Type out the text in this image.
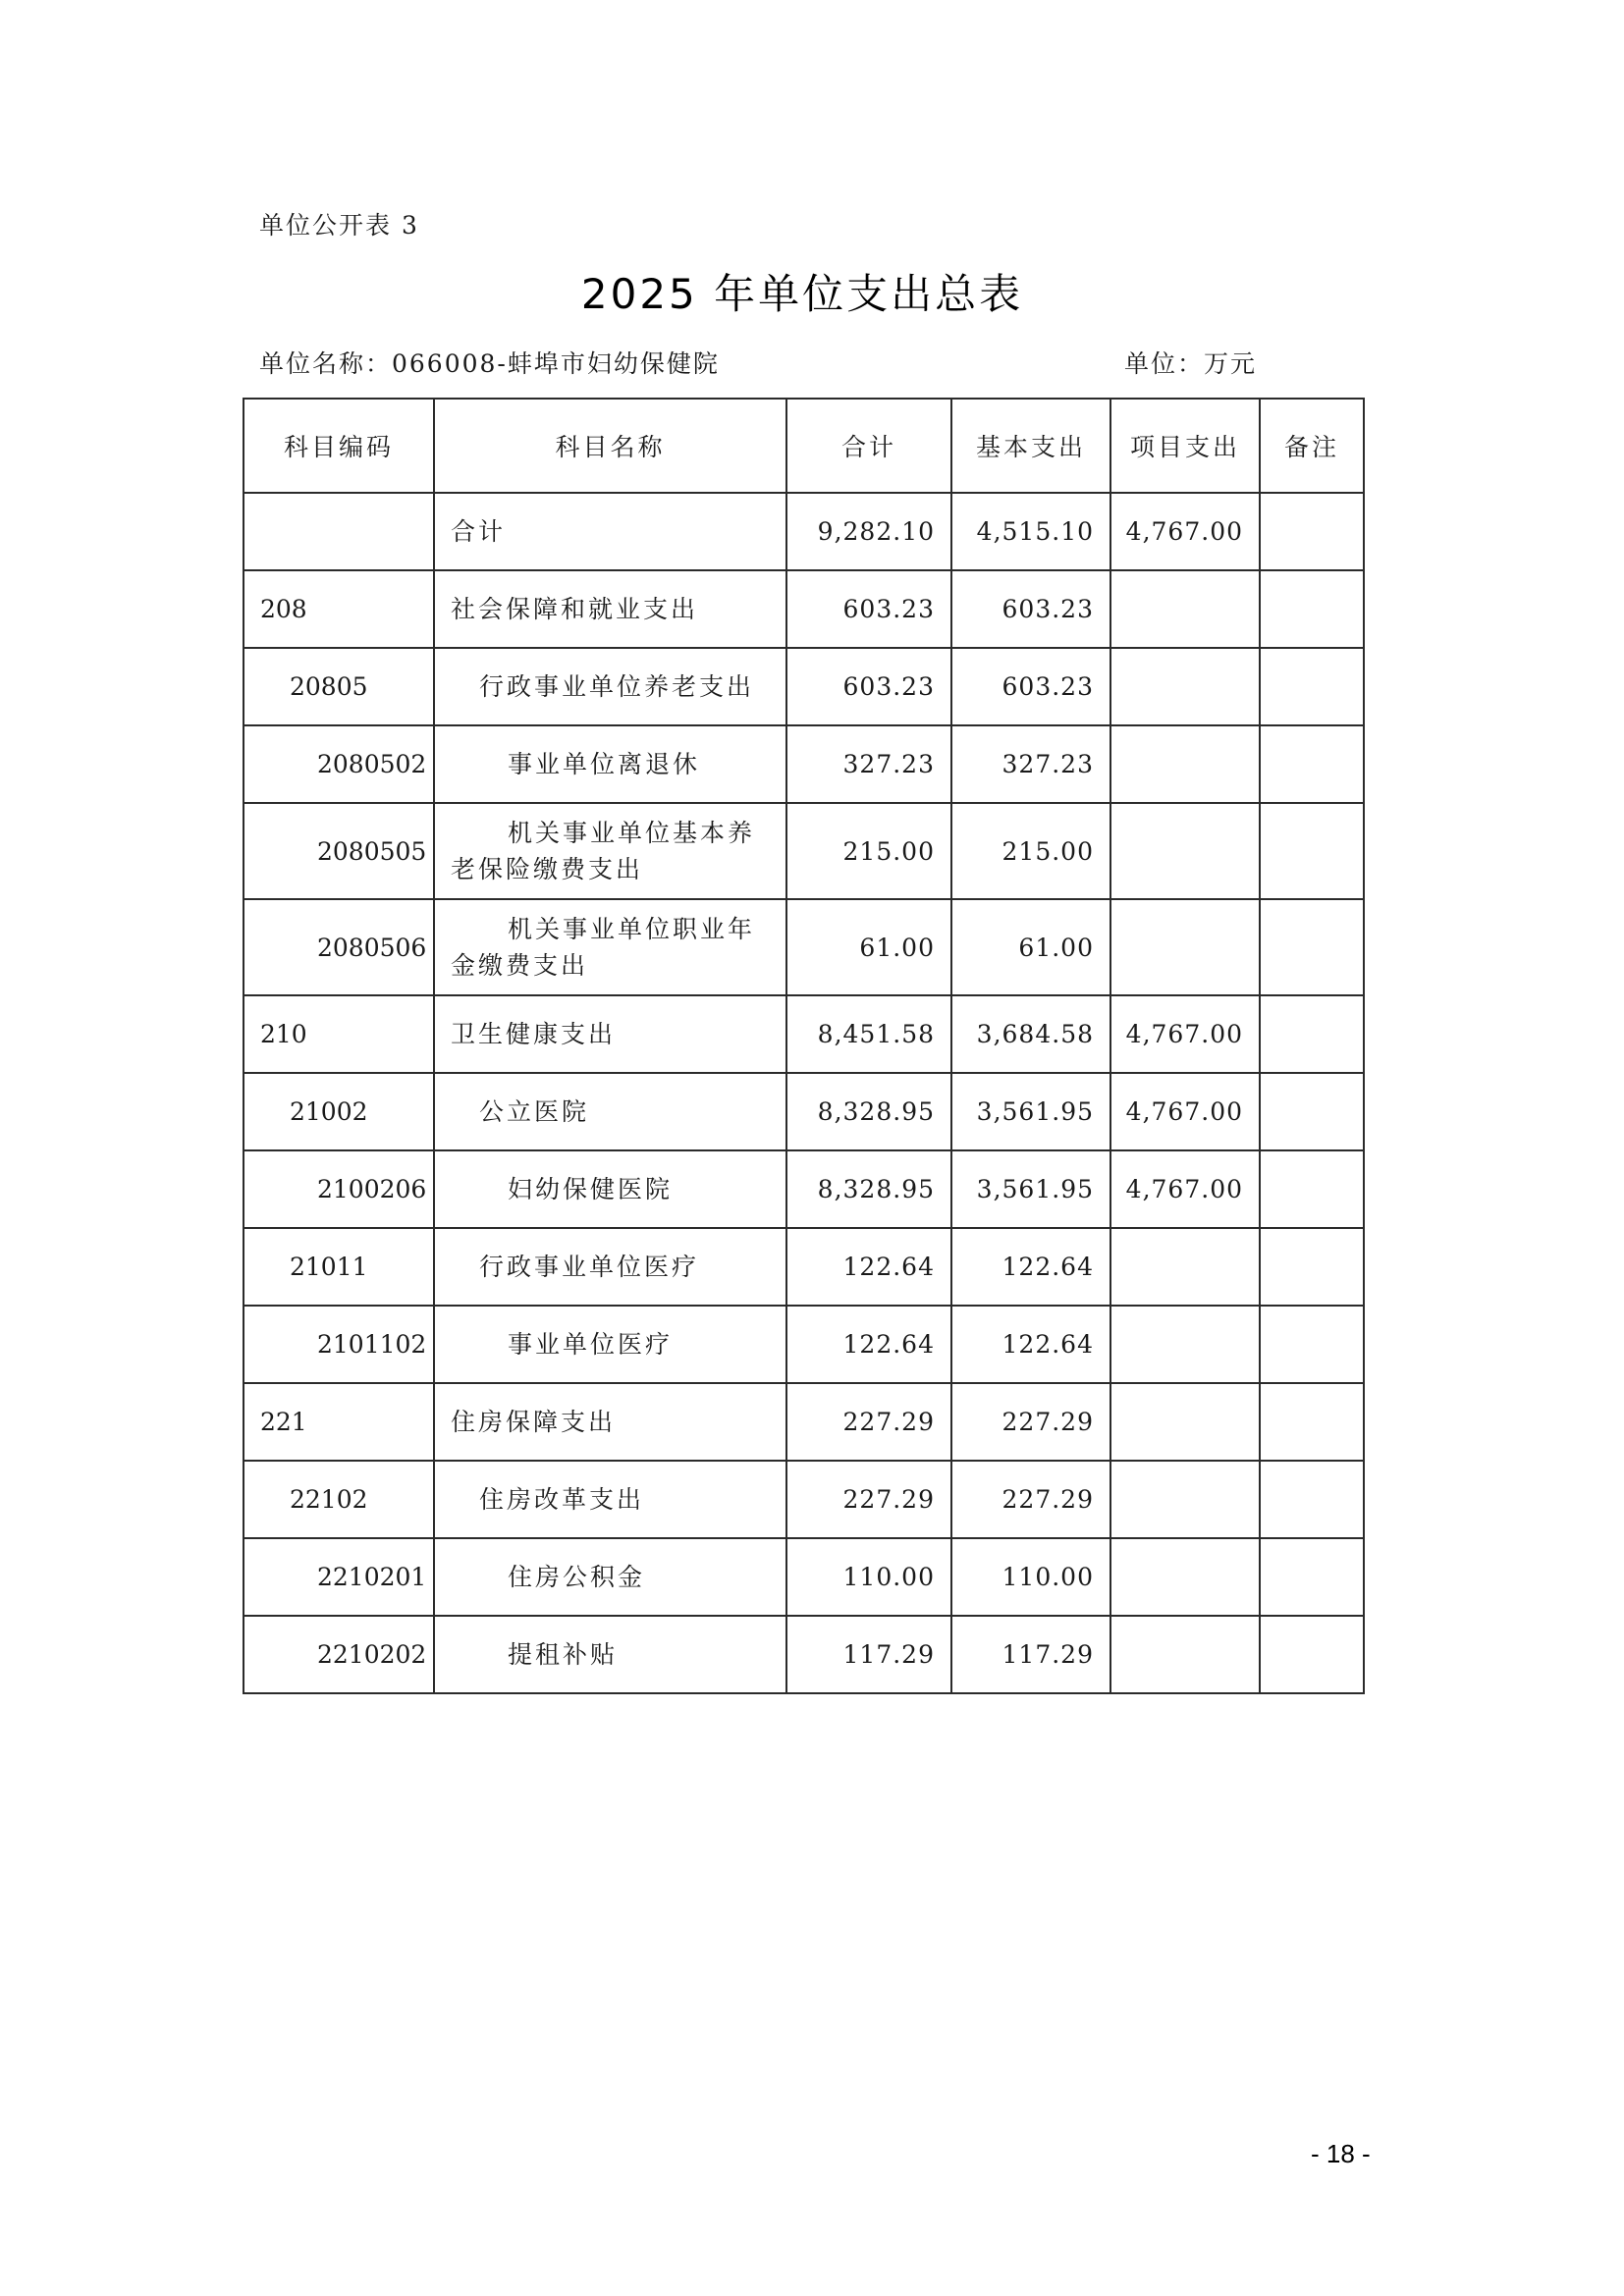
单位公开表 3
2025 年单位支出总表
单位名称：066008-蚌埠市妇幼保健院	单位：万元
科目编码	科目名称	合计	基本支出	项目支出	备注
	合计	9,282.10	4,515.10	4,767.00	
208	社会保障和就业支出	603.23	603.23		
20805	行政事业单位养老支出	603.23	603.23		
2080502	事业单位离退休	327.23	327.23		
2080505	机关事业单位基本养老保险缴费支出	215.00	215.00		
2080506	机关事业单位职业年金缴费支出	61.00	61.00		
210	卫生健康支出	8,451.58	3,684.58	4,767.00	
21002	公立医院	8,328.95	3,561.95	4,767.00	
2100206	妇幼保健医院	8,328.95	3,561.95	4,767.00	
21011	行政事业单位医疗	122.64	122.64		
2101102	事业单位医疗	122.64	122.64		
221	住房保障支出	227.29	227.29		
22102	住房改革支出	227.29	227.29		
2210201	住房公积金	110.00	110.00		
2210202	提租补贴	117.29	117.29		
- 18 -
